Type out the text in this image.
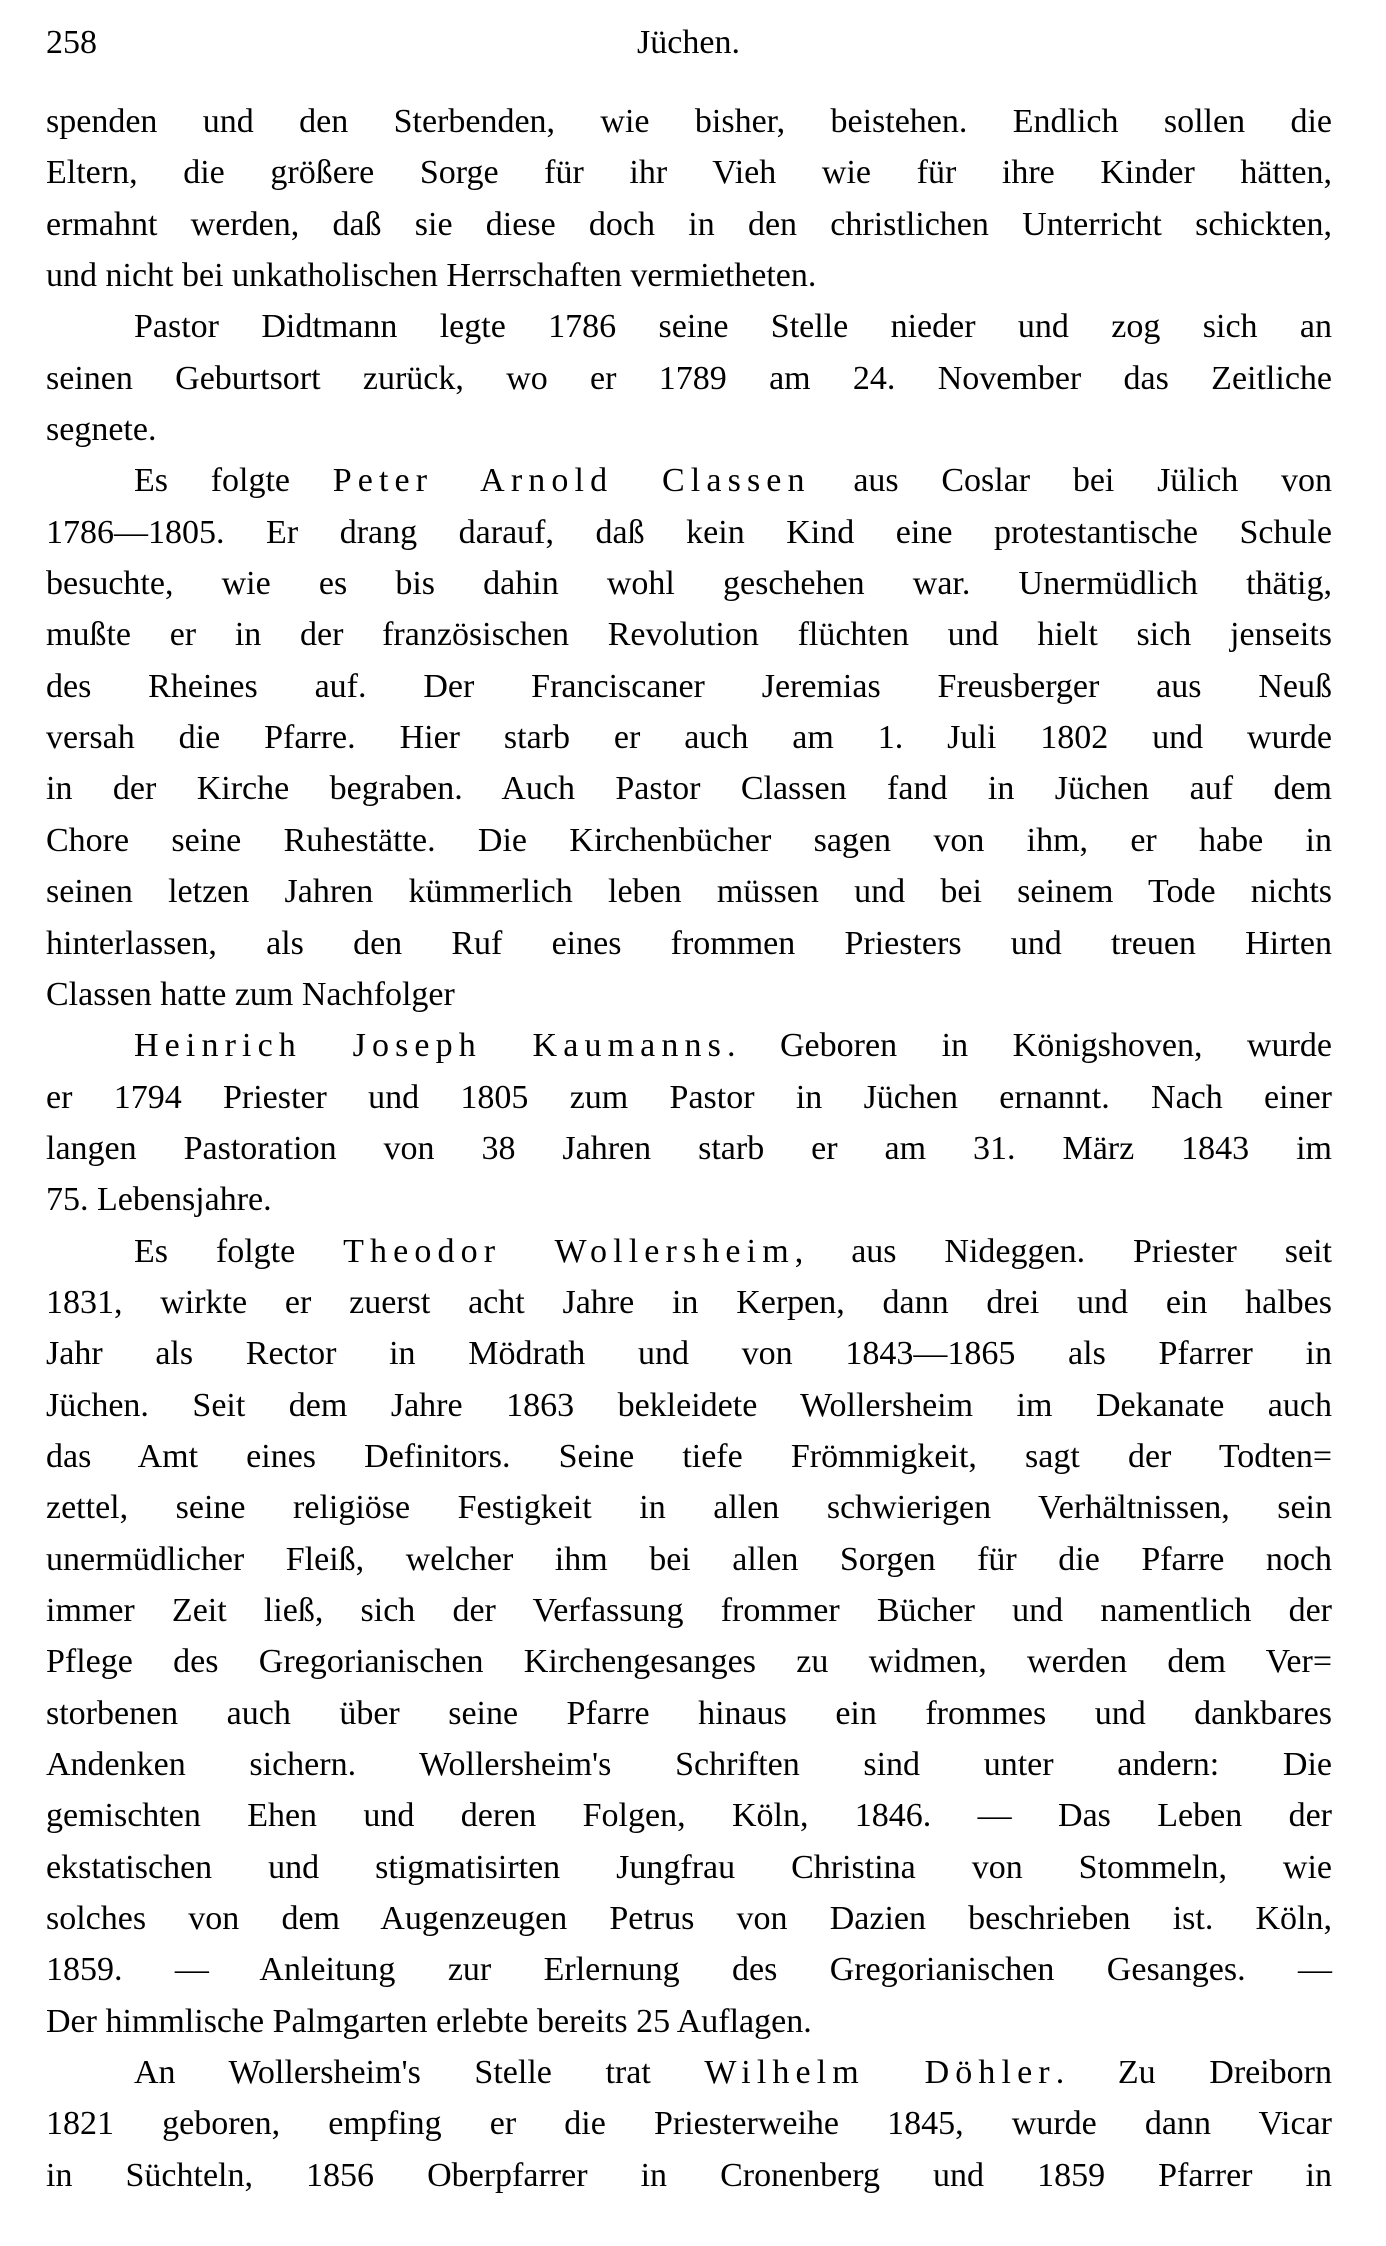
258	Jüchen.
spenden und den Sterbenden, wie bisher, beistehen. Endlich sollen die
Eltern, die größere Sorge für ihr Vieh wie für ihre Kinder hätten,
ermahnt werden, daß sie diese doch in den christlichen Unterricht schickten,
und nicht bei unkatholischen Herrschaften vermietheten.
Pastor Didtmann legte 1786 seine Stelle nieder und zog sich an
seinen Geburtsort zurück, wo er 1789 am 24. November das Zeitliche
segnete.
Es folgte Peter Arnold Classen aus Coslar bei Jülich von
1786—1805. Er drang darauf, daß kein Kind eine protestantische Schule
besuchte, wie es bis dahin wohl geschehen war. Unermüdlich thätig,
mußte er in der französischen Revolution flüchten und hielt sich jenseits
des Rheines auf. Der Franciscaner Jeremias Freusberger aus Neuß
versah die Pfarre. Hier starb er auch am 1. Juli 1802 und wurde
in der Kirche begraben. Auch Pastor Classen fand in Jüchen auf dem
Chore seine Ruhestätte. Die Kirchenbücher sagen von ihm, er habe in
seinen letzen Jahren kümmerlich leben müssen und bei seinem Tode nichts
hinterlassen, als den Ruf eines frommen Priesters und treuen Hirten
Classen hatte zum Nachfolger
Heinrich Joseph Kaumanns. Geboren in Königshoven, wurde
er 1794 Priester und 1805 zum Pastor in Jüchen ernannt. Nach einer
langen Pastoration von 38 Jahren starb er am 31. März 1843 im
75. Lebensjahre.
Es folgte Theodor Wollersheim, aus Nideggen. Priester seit
1831, wirkte er zuerst acht Jahre in Kerpen, dann drei und ein halbes
Jahr als Rector in Mödrath und von 1843—1865 als Pfarrer in
Jüchen. Seit dem Jahre 1863 bekleidete Wollersheim im Dekanate auch
das Amt eines Definitors. Seine tiefe Frömmigkeit, sagt der Todten=
zettel, seine religiöse Festigkeit in allen schwierigen Verhältnissen, sein
unermüdlicher Fleiß, welcher ihm bei allen Sorgen für die Pfarre noch
immer Zeit ließ, sich der Verfassung frommer Bücher und namentlich der
Pflege des Gregorianischen Kirchengesanges zu widmen, werden dem Ver=
storbenen auch über seine Pfarre hinaus ein frommes und dankbares
Andenken sichern. Wollersheim's Schriften sind unter andern: Die
gemischten Ehen und deren Folgen, Köln, 1846. — Das Leben der
ekstatischen und stigmatisirten Jungfrau Christina von Stommeln, wie
solches von dem Augenzeugen Petrus von Dazien beschrieben ist. Köln,
1859. — Anleitung zur Erlernung des Gregorianischen Gesanges. —
Der himmlische Palmgarten erlebte bereits 25 Auflagen.
An Wollersheim's Stelle trat Wilhelm Döhler. Zu Dreiborn
1821 geboren, empfing er die Priesterweihe 1845, wurde dann Vicar
in Süchteln, 1856 Oberpfarrer in Cronenberg und 1859 Pfarrer in
